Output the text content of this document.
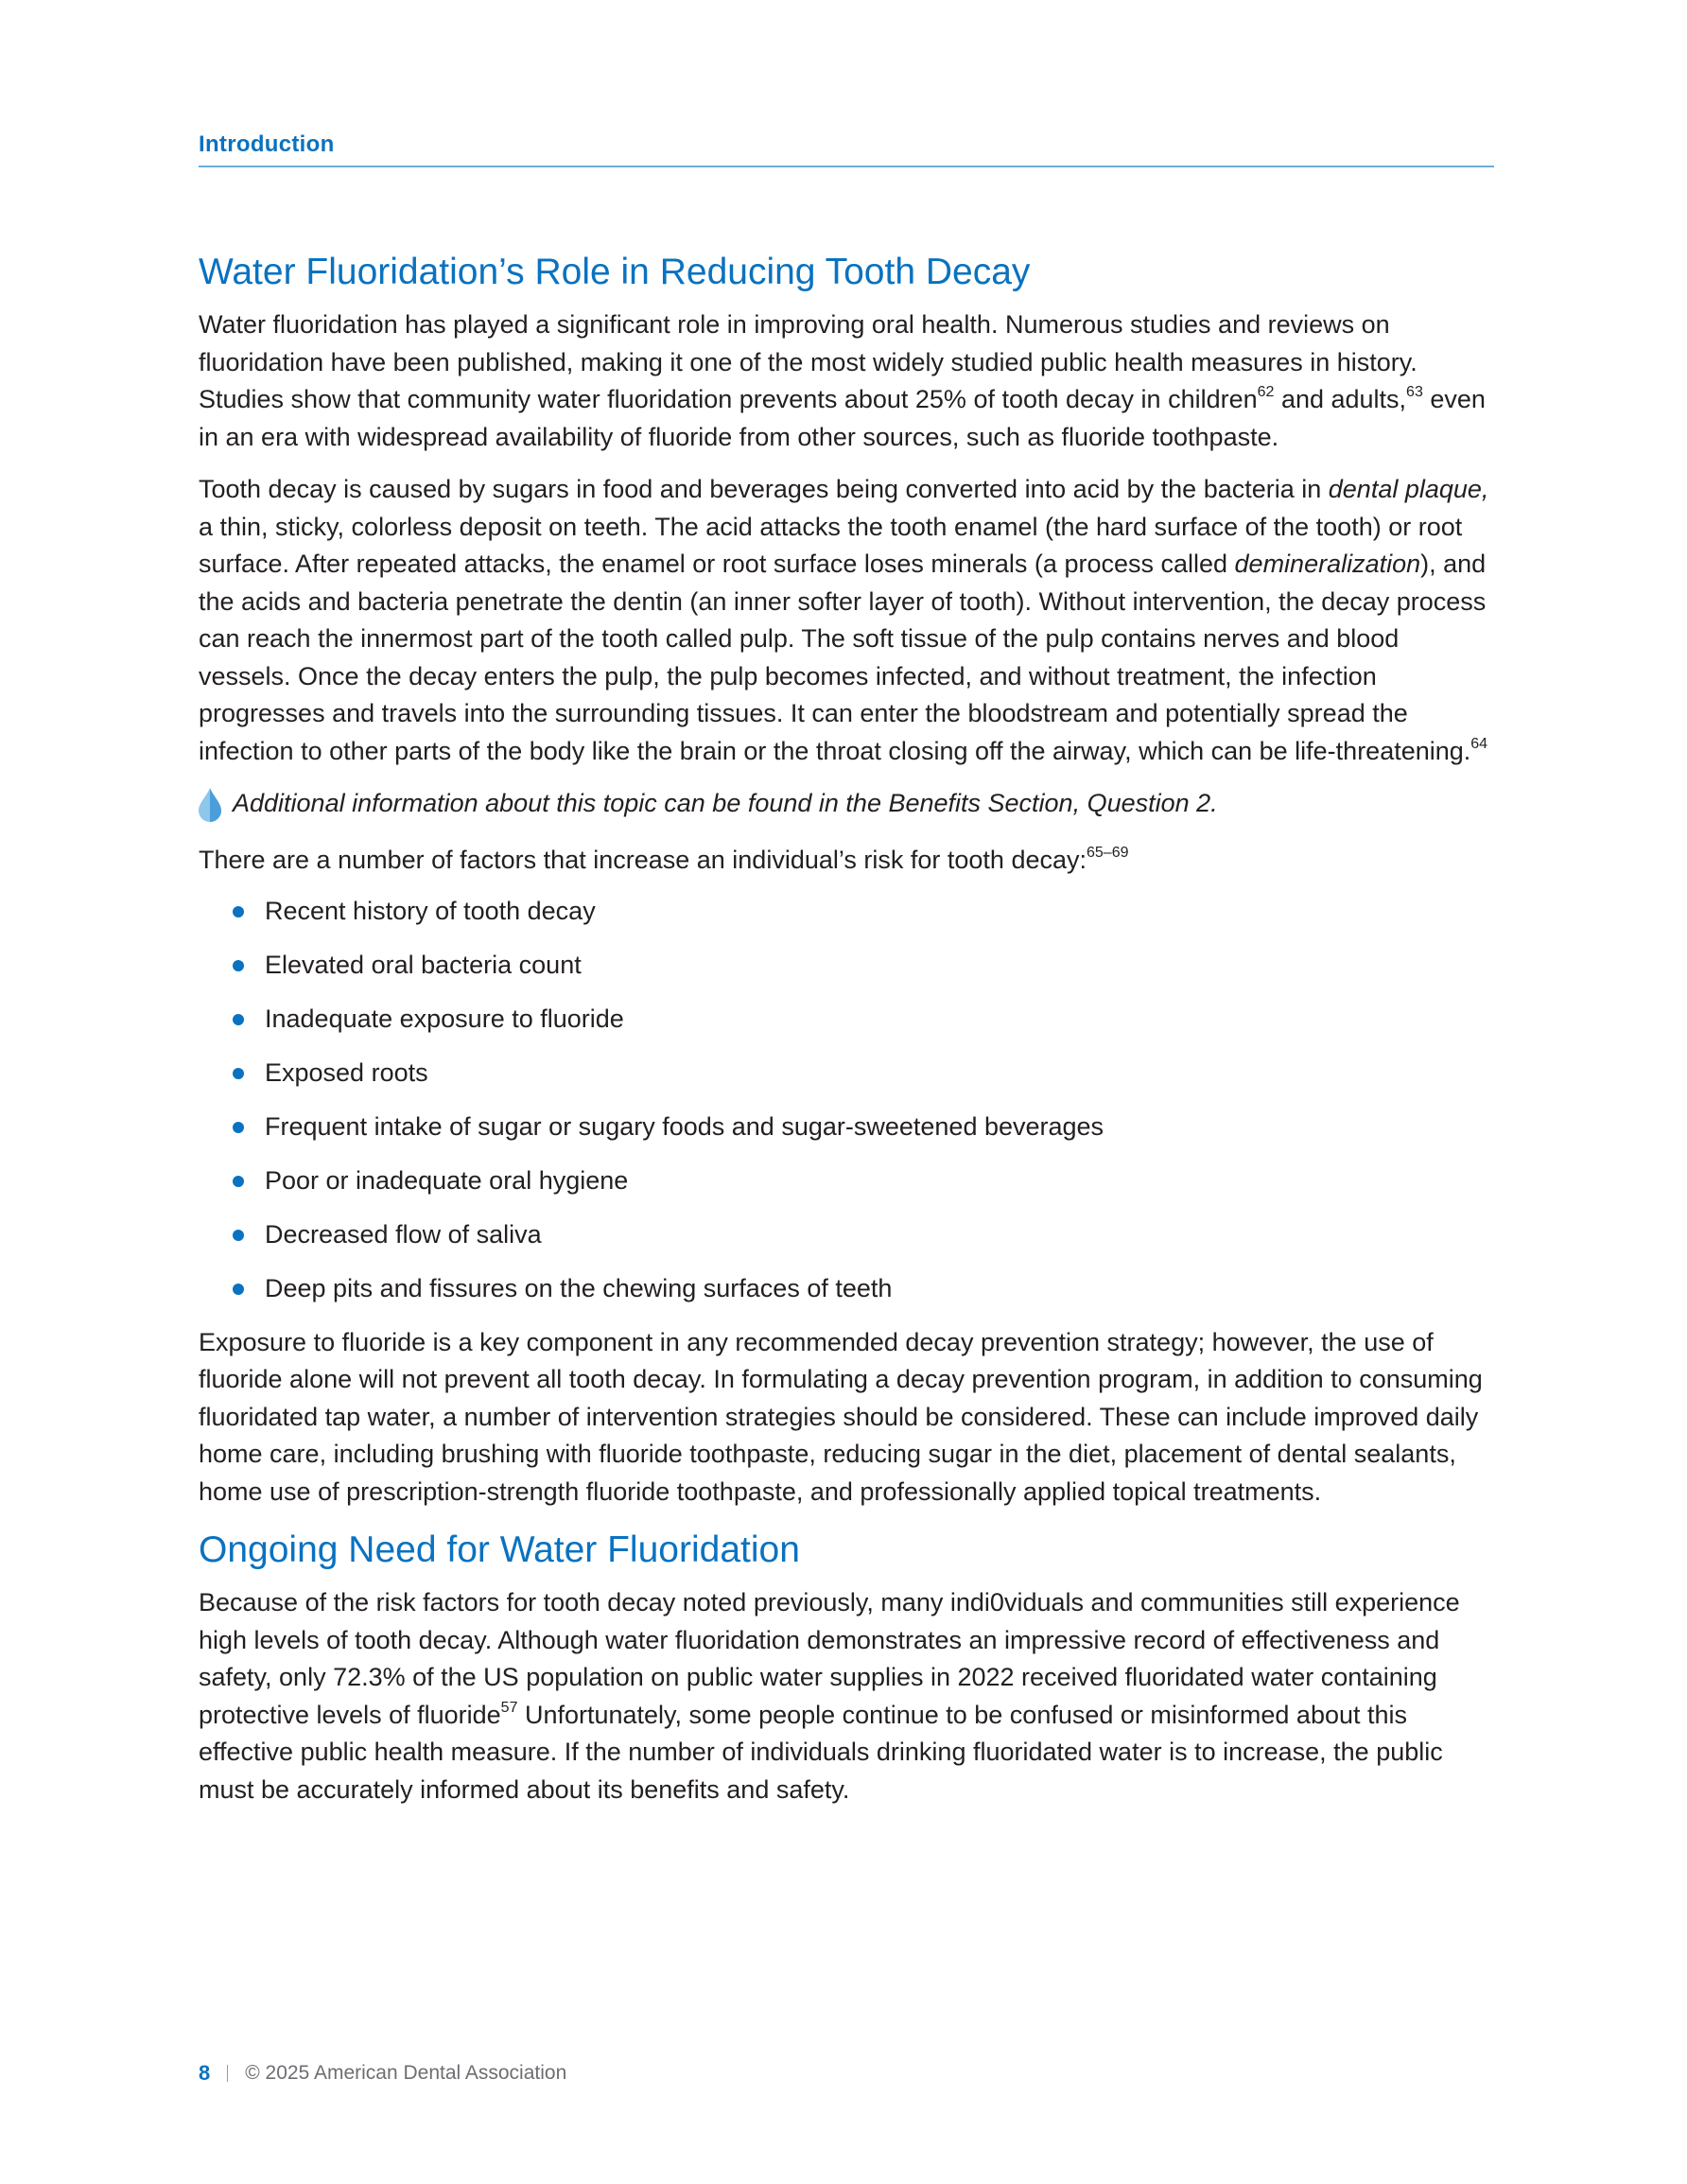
Introduction
Water Fluoridation’s Role in Reducing Tooth Decay

Water fluoridation has played a significant role in improving oral health. Numerous studies and reviews on fluoridation have been published, making it one of the most widely studied public health measures in history. Studies show that community water fluoridation prevents about 25% of tooth decay in children$^{62}$ and adults,$^{63}$ even in an era with widespread availability of fluoride from other sources, such as fluoride toothpaste.

Tooth decay is caused by sugars in food and beverages being converted into acid by the bacteria in dental plaque, a thin, sticky, colorless deposit on teeth. The acid attacks the tooth enamel (the hard surface of the tooth) or root surface. After repeated attacks, the enamel or root surface loses minerals (a process called demineralization), and the acids and bacteria penetrate the dentin (an inner softer layer of tooth). Without intervention, the decay process can reach the innermost part of the tooth called pulp. The soft tissue of the pulp contains nerves and blood vessels. Once the decay enters the pulp, the pulp becomes infected, and without treatment, the infection progresses and travels into the surrounding tissues. It can enter the bloodstream and potentially spread the infection to other parts of the body like the brain or the throat closing off the airway, which can be life-threatening.$^{64}$

Additional information about this topic can be found in the Benefits Section, Question 2.

There are a number of factors that increase an individual’s risk for tooth decay:$^{65-69}$

Recent history of tooth decay
Elevated oral bacteria count
Inadequate exposure to fluoride
Exposed roots
Frequent intake of sugar or sugary foods and sugar-sweetened beverages
Poor or inadequate oral hygiene
Decreased flow of saliva
Deep pits and fissures on the chewing surfaces of teeth

Exposure to fluoride is a key component in any recommended decay prevention strategy; however, the use of fluoride alone will not prevent all tooth decay. In formulating a decay prevention program, in addition to consuming fluoridated tap water, a number of intervention strategies should be considered. These can include improved daily home care, including brushing with fluoride toothpaste, reducing sugar in the diet, placement of dental sealants, home use of prescription-strength fluoride toothpaste, and professionally applied topical treatments.

Ongoing Need for Water Fluoridation

Because of the risk factors for tooth decay noted previously, many indi0viduals and communities still experience high levels of tooth decay. Although water fluoridation demonstrates an impressive record of effectiveness and safety, only 72.3% of the US population on public water supplies in 2022 received fluoridated water containing protective levels of fluoride$^{57}$ Unfortunately, some people continue to be confused or misinformed about this effective public health measure. If the number of individuals drinking fluoridated water is to increase, the public must be accurately informed about its benefits and safety.

8 © 2025 American Dental Association
